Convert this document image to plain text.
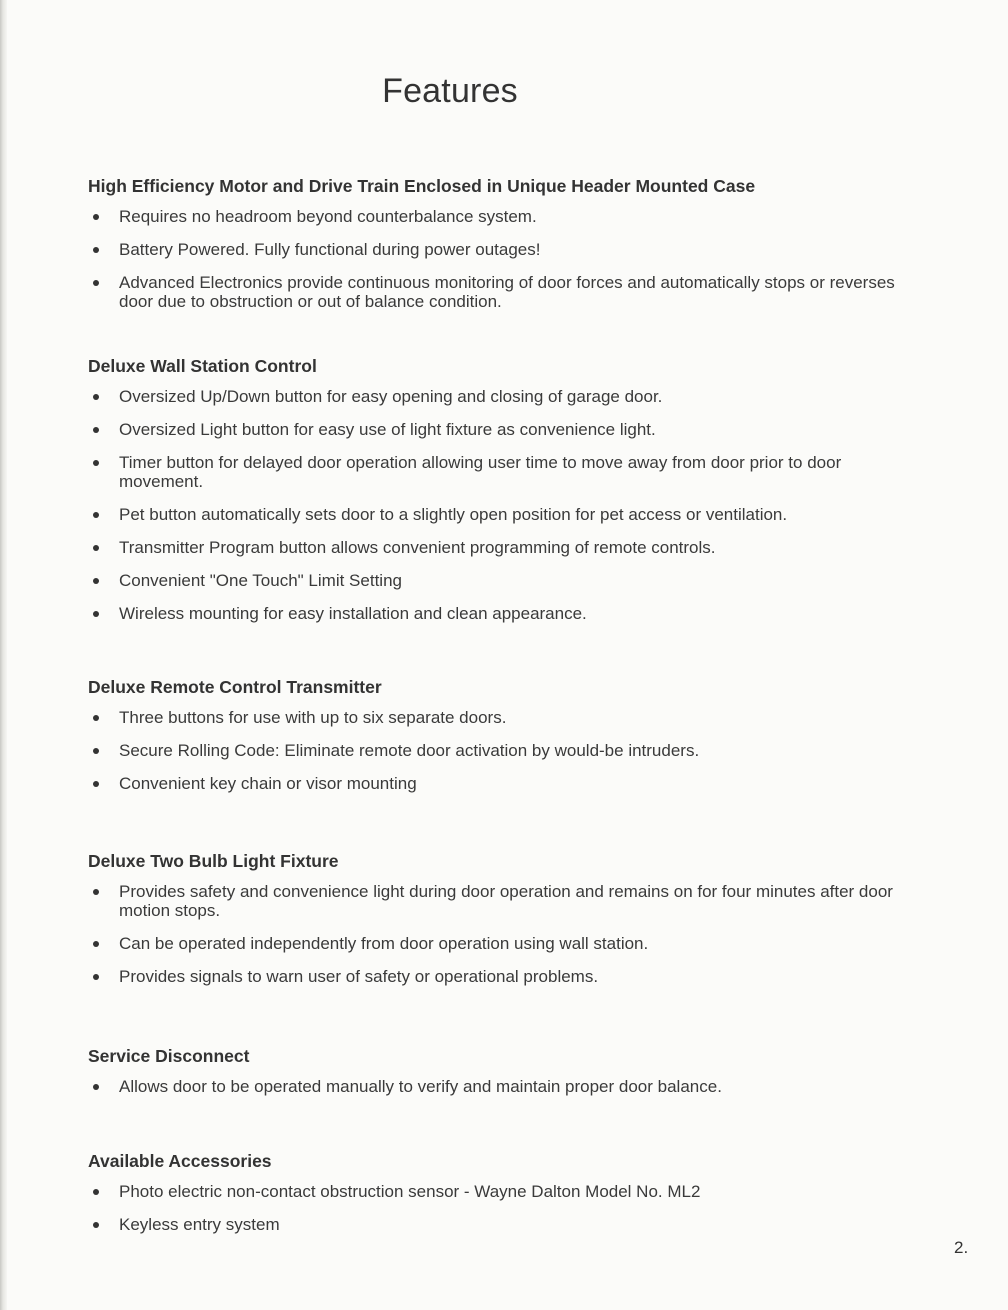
Features
High Efficiency Motor and Drive Train Enclosed in Unique Header Mounted Case
Requires no headroom beyond counterbalance system.
Battery Powered. Fully functional during power outages!
Advanced Electronics provide continuous monitoring of door forces and automatically stops or reverses door due to obstruction or out of balance condition.
Deluxe Wall Station Control
Oversized Up/Down button for easy opening and closing of garage door.
Oversized Light button for easy use of light fixture as convenience light.
Timer button for delayed door operation allowing user time to move away from door prior to door movement.
Pet button automatically sets door to a slightly open position for pet access or ventilation.
Transmitter Program button allows convenient programming of remote controls.
Convenient "One Touch" Limit Setting
Wireless mounting for easy installation and clean appearance.
Deluxe Remote Control Transmitter
Three buttons for use with up to six separate doors.
Secure Rolling Code: Eliminate remote door activation by would-be intruders.
Convenient key chain or visor mounting
Deluxe Two Bulb Light Fixture
Provides safety and convenience light during door operation and remains on for four minutes after door motion stops.
Can be operated independently from door operation using wall station.
Provides signals to warn user of safety or operational problems.
Service Disconnect
Allows door to be operated manually to verify and maintain proper door balance.
Available Accessories
Photo electric non-contact obstruction sensor - Wayne Dalton Model No. ML2
Keyless entry system
2.
